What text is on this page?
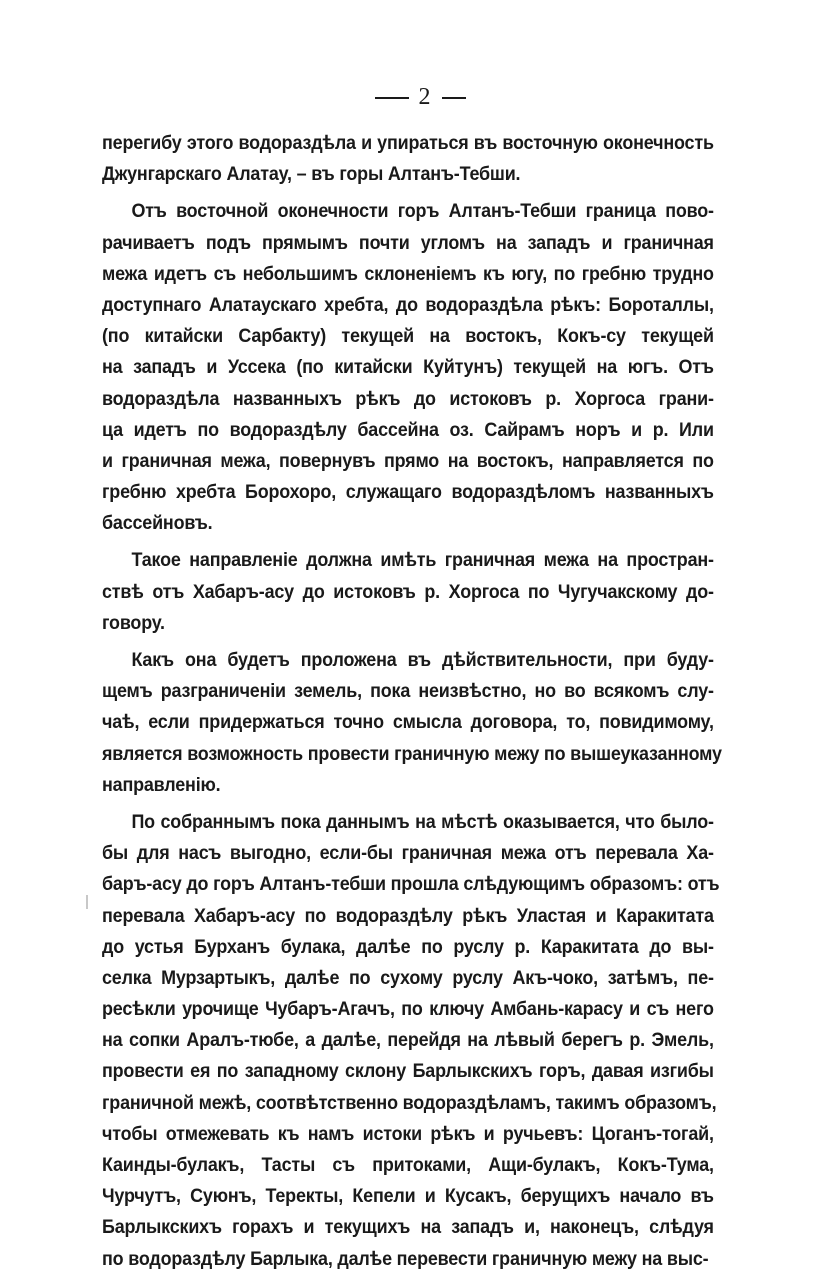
2
перегибу этого водораздѣла и упираться въ восточную оконечность
Джунгарскаго Алатау, – въ горы Алтанъ-Тебши.
Отъ восточной оконечности горъ Алтанъ-Тебши граница пово-
рачиваетъ подъ прямымъ почти угломъ на западъ и граничная
межа идетъ съ небольшимъ склоненіемъ къ югу, по гребню трудно
доступнаго Алатаускаго хребта, до водораздѣла рѣкъ: Бороталлы,
(по китайски Сарбакту) текущей на востокъ, Кокъ-су текущей
на западъ и Уссека (по китайски Куйтунъ) текущей на югъ. Отъ
водораздѣла названныхъ рѣкъ до истоковъ р. Хоргоса грани-
ца идетъ по водораздѣлу бассейна оз. Сайрамъ норъ и р. Или
и граничная межа, повернувъ прямо на востокъ, направляется по
гребню хребта Борохоро, служащаго водораздѣломъ названныхъ
бассейновъ.
Такое направленіе должна имѣть граничная межа на простран-
ствѣ отъ Хабаръ-асу до истоковъ р. Хоргоса по Чугучакскому до-
говору.
Какъ она будетъ проложена въ дѣйствительности, при буду-
щемъ разграниченіи земель, пока неизвѣстно, но во всякомъ слу-
чаѣ, если придержаться точно смысла договора, то, повидимому,
является возможность провести граничную межу по вышеуказанному
направленію.
По собраннымъ пока даннымъ на мѣстѣ оказывается, что было-
бы для насъ выгодно, если-бы граничная межа отъ перевала Ха-
баръ-асу до горъ Алтанъ-тебши прошла слѣдующимъ образомъ: отъ
перевала Хабаръ-асу по водораздѣлу рѣкъ Уластая и Каракитата
до устья Бурханъ булака, далѣе по руслу р. Каракитата до вы-
селка Мурзартыкъ, далѣе по сухому руслу Акъ-чоко, затѣмъ, пе-
ресѣкли урочище Чубаръ-Агачъ, по ключу Амбань-карасу и съ него
на сопки Аралъ-тюбе, а далѣе, перейдя на лѣвый берегъ р. Эмель,
провести ея по западному склону Барлыкскихъ горъ, давая изгибы
граничной межѣ, соотвѣтственно водораздѣламъ, такимъ образомъ,
чтобы отмежевать къ намъ истоки рѣкъ и ручьевъ: Цоганъ-тогай,
Каинды-булакъ, Тасты съ притоками, Ащи-булакъ, Кокъ-Тума,
Чурчутъ, Суюнъ, Теректы, Кепели и Кусакъ, берущихъ начало въ
Барлыкскихъ горахъ и текущихъ на западъ и, наконецъ, слѣдуя
по водораздѣлу Барлыка, далѣе перевести граничную межу на выс-
